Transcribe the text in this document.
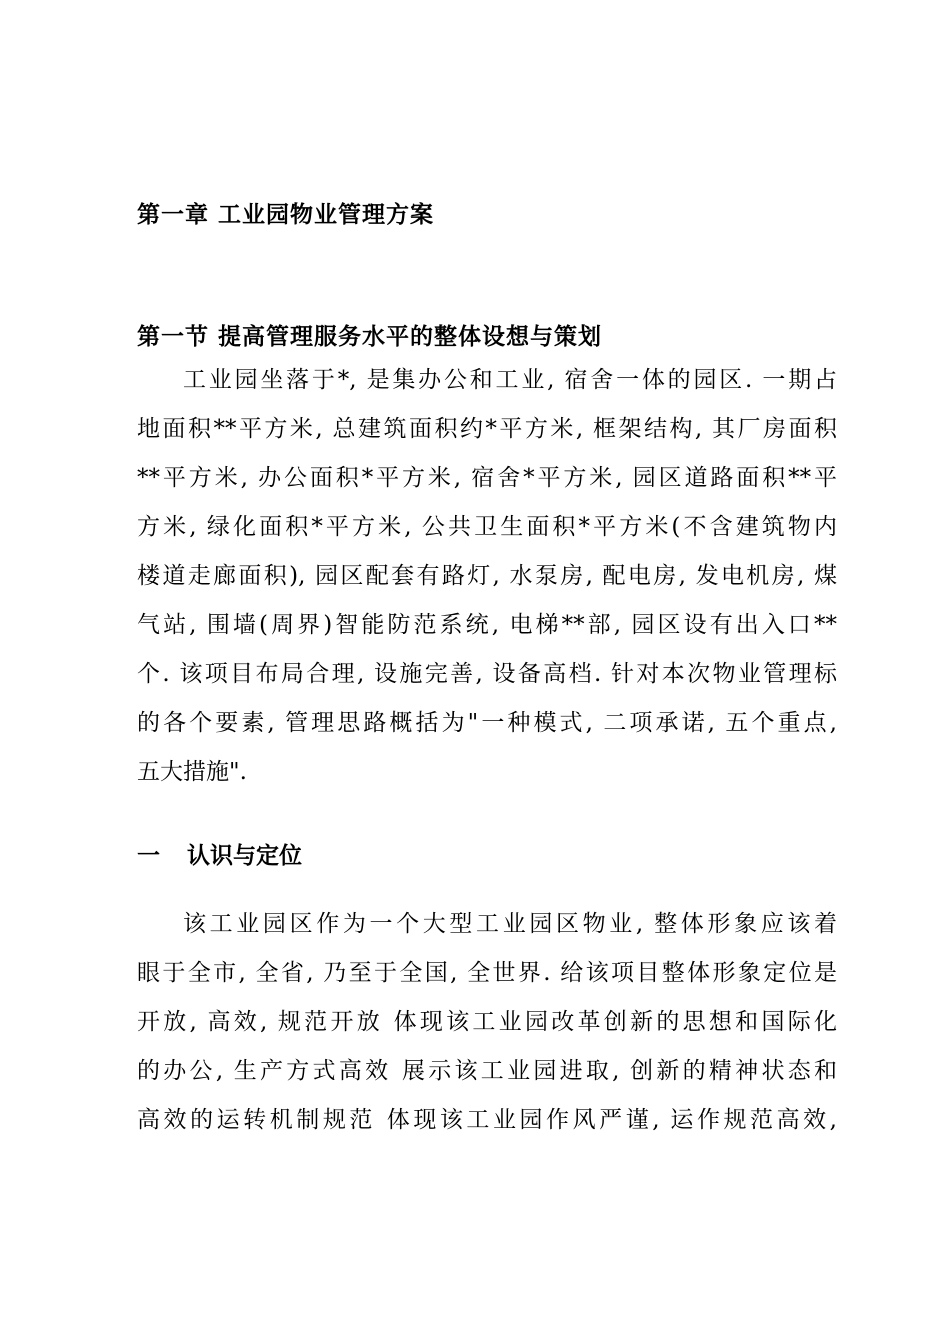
第一章 工业园物业管理方案
第一节 提高管理服务水平的整体设想与策划
工业园坐落于*, 是集办公和工业, 宿舍一体的园区. 一期占
地面积**平方米, 总建筑面积约*平方米, 框架结构, 其厂房面积
**平方米, 办公面积*平方米, 宿舍*平方米, 园区道路面积**平
方米, 绿化面积*平方米, 公共卫生面积*平方米(不含建筑物内
楼道走廊面积), 园区配套有路灯, 水泵房, 配电房, 发电机房, 煤
气站, 围墙(周界)智能防范系统, 电梯**部, 园区设有出入口**
个. 该项目布局合理, 设施完善, 设备高档. 针对本次物业管理标
的各个要素, 管理思路概括为"一种模式, 二项承诺, 五个重点,
五大措施".
一 认识与定位
该工业园区作为一个大型工业园区物业, 整体形象应该着
眼于全市, 全省, 乃至于全国, 全世界. 给该项目整体形象定位是
开放, 高效, 规范开放 体现该工业园改革创新的思想和国际化
的办公, 生产方式高效 展示该工业园进取, 创新的精神状态和
高效的运转机制规范 体现该工业园作风严谨, 运作规范高效,
